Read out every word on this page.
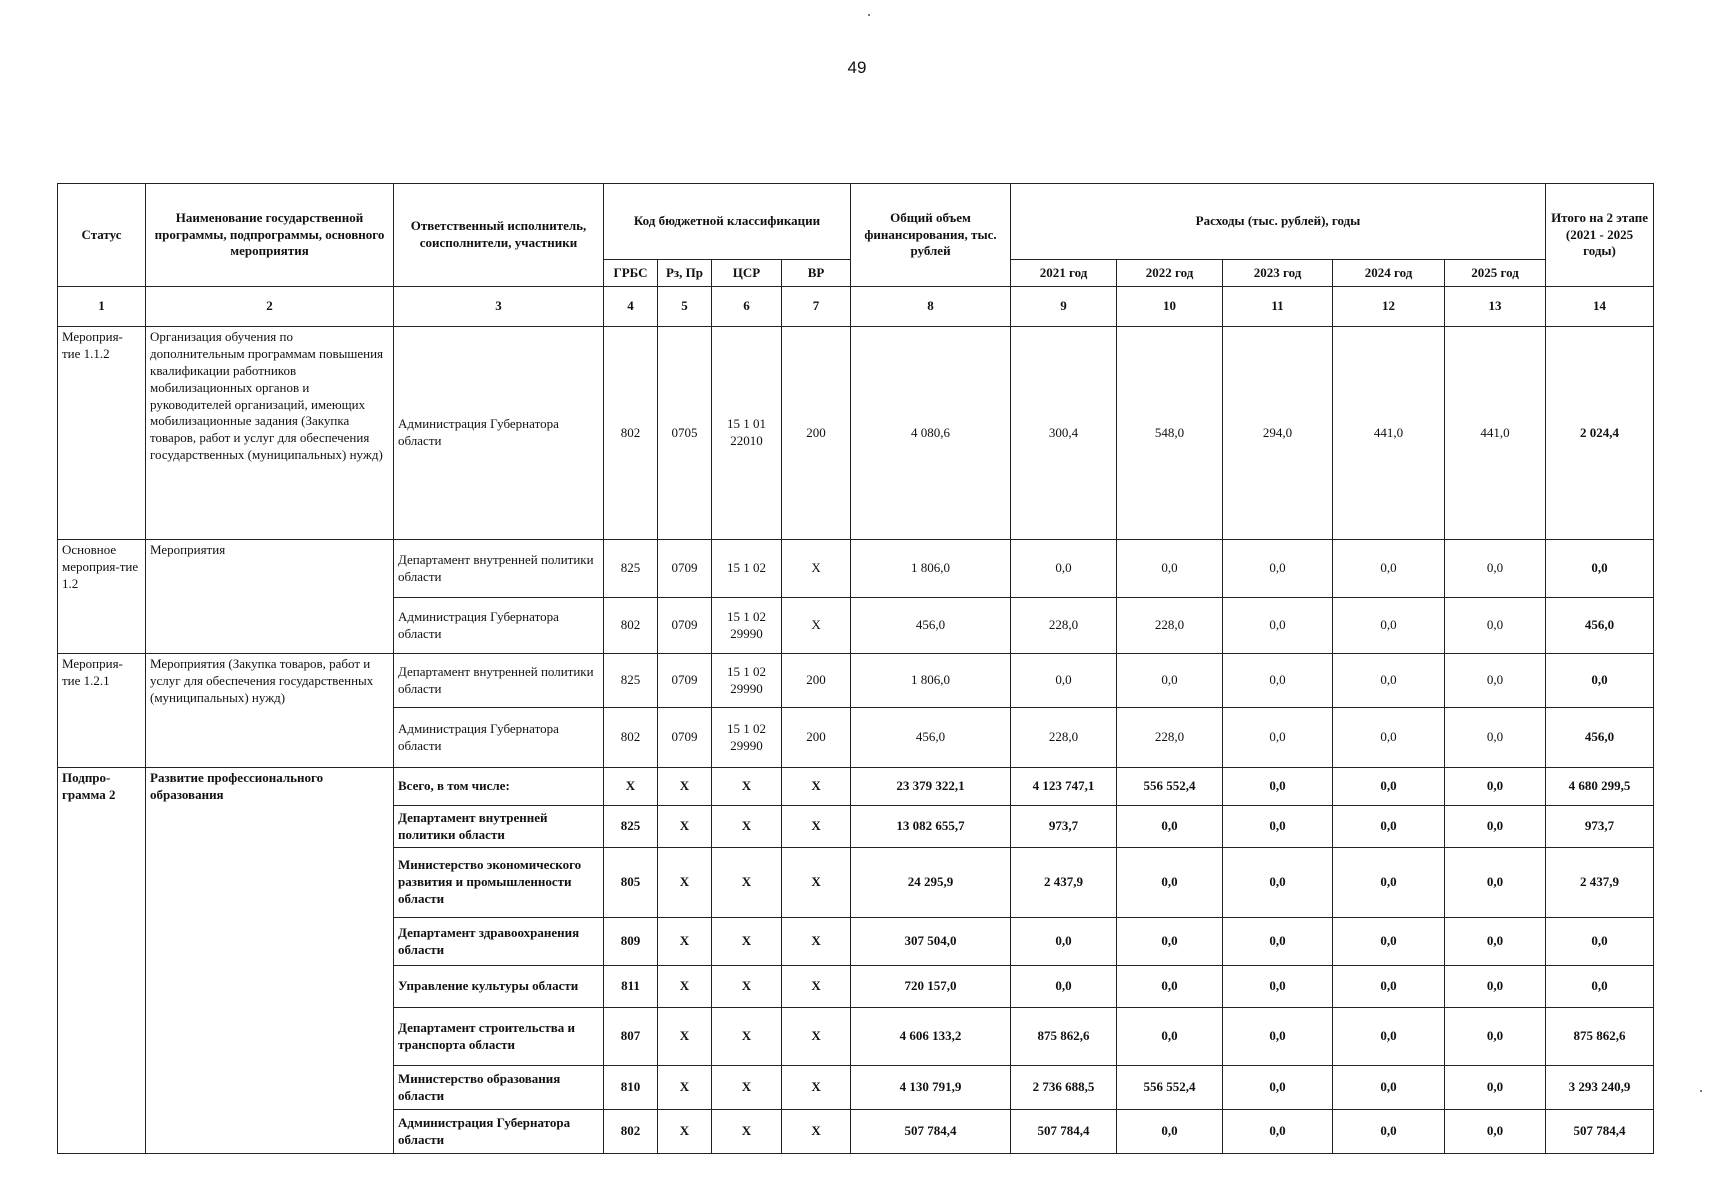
49
Статус	Наименование государственной программы, подпрограммы, основного мероприятия	Ответственный исполнитель, соисполнители, участники	Код бюджетной классификации				Общий объем финансирования, тыс. рублей	Расходы (тыс. рублей), годы					Итого на 2 этапе (2021 - 2025 годы)
			ГРБС	Рз, Пр	ЦСР	ВР		2021 год	2022 год	2023 год	2024 год	2025 год	
1	2	3	4	5	6	7	8	9	10	11	12	13	14
Мероприя-тие 1.1.2	Организация обучения по дополнительным программам повышения квалификации работников мобилизационных органов и руководителей организаций, имеющих мобилизационные задания (Закупка товаров, работ и услуг для обеспечения государственных (муниципальных) нужд)	Администрация Губернатора области	802	0705	15 1 01 22010	200	4 080,6	300,4	548,0	294,0	441,0	441,0	2 024,4
Основное мероприя-тие 1.2	Мероприятия	Департамент внутренней политики области	825	0709	15 1 02	Х	1 806,0	0,0	0,0	0,0	0,0	0,0	0,0
		Администрация Губернатора области	802	0709	15 1 02 29990	Х	456,0	228,0	228,0	0,0	0,0	0,0	456,0
Мероприя-тие 1.2.1	Мероприятия (Закупка товаров, работ и услуг для обеспечения государственных (муниципальных) нужд)	Департамент внутренней политики области	825	0709	15 1 02 29990	200	1 806,0	0,0	0,0	0,0	0,0	0,0	0,0
		Администрация Губернатора области	802	0709	15 1 02 29990	200	456,0	228,0	228,0	0,0	0,0	0,0	456,0
Подпро-грамма 2	Развитие профессионального образования	Всего, в том числе:	Х	Х	Х	Х	23 379 322,1	4 123 747,1	556 552,4	0,0	0,0	0,0	4 680 299,5
		Департамент внутренней политики области	825	Х	Х	Х	13 082 655,7	973,7	0,0	0,0	0,0	0,0	973,7
		Министерство экономического развития и промышленности области	805	Х	Х	Х	24 295,9	2 437,9	0,0	0,0	0,0	0,0	2 437,9
		Департамент здравоохранения области	809	Х	Х	Х	307 504,0	0,0	0,0	0,0	0,0	0,0	0,0
		Управление культуры области	811	Х	Х	Х	720 157,0	0,0	0,0	0,0	0,0	0,0	0,0
		Департамент строительства и транспорта области	807	Х	Х	Х	4 606 133,2	875 862,6	0,0	0,0	0,0	0,0	875 862,6
		Министерство образования области	810	Х	Х	Х	4 130 791,9	2 736 688,5	556 552,4	0,0	0,0	0,0	3 293 240,9
		Администрация Губернатора области	802	Х	Х	Х	507 784,4	507 784,4	0,0	0,0	0,0	0,0	507 784,4
